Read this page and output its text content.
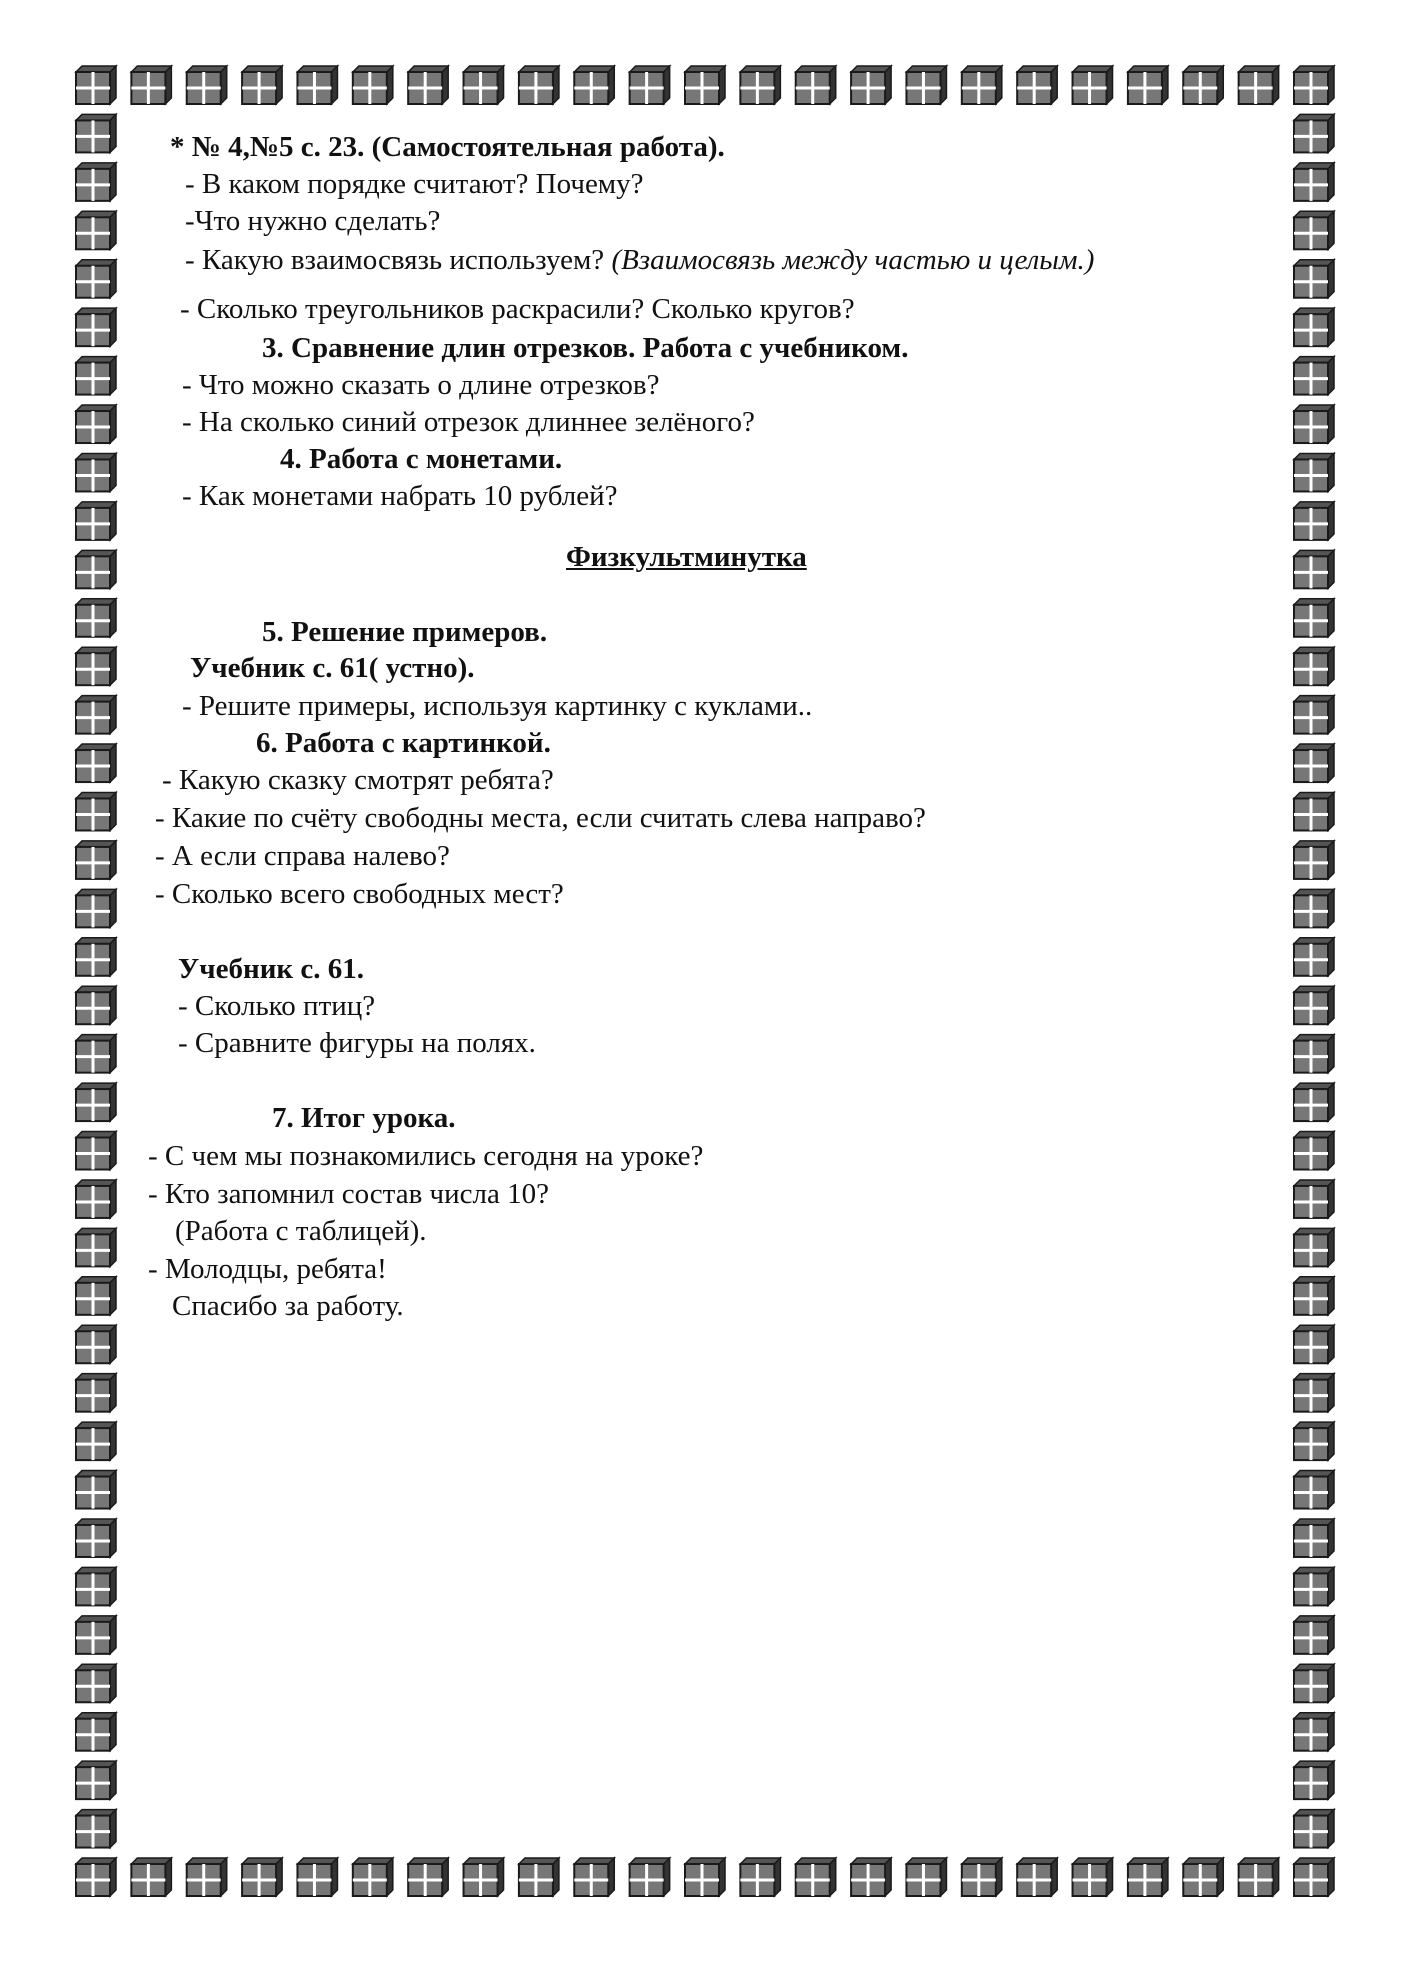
* № 4,№5 с. 23. (Самостоятельная работа).
- В каком порядке считают? Почему?
-Что нужно сделать?
- Какую взаимосвязь используем? (Взаимосвязь между частью и целым.)
- Сколько треугольников раскрасили? Сколько кругов?
3. Сравнение длин отрезков. Работа с учебником.
- Что можно сказать о длине отрезков?
- На сколько синий отрезок длиннее зелёного?
4. Работа с монетами.
- Как монетами набрать 10 рублей?
Физкультминутка
5. Решение примеров.
Учебник с. 61( устно).
- Решите примеры, используя картинку с куклами..
6. Работа с картинкой.
- Какую сказку смотрят ребята?
- Какие по счёту свободны места, если считать слева направо?
- А если справа налево?
- Сколько всего свободных мест?
Учебник с. 61.
- Сколько птиц?
- Сравните фигуры на полях.
7. Итог урока.
- С чем мы познакомились сегодня на уроке?
- Кто запомнил состав числа 10?
(Работа с таблицей).
- Молодцы, ребята!
Спасибо за работу.
